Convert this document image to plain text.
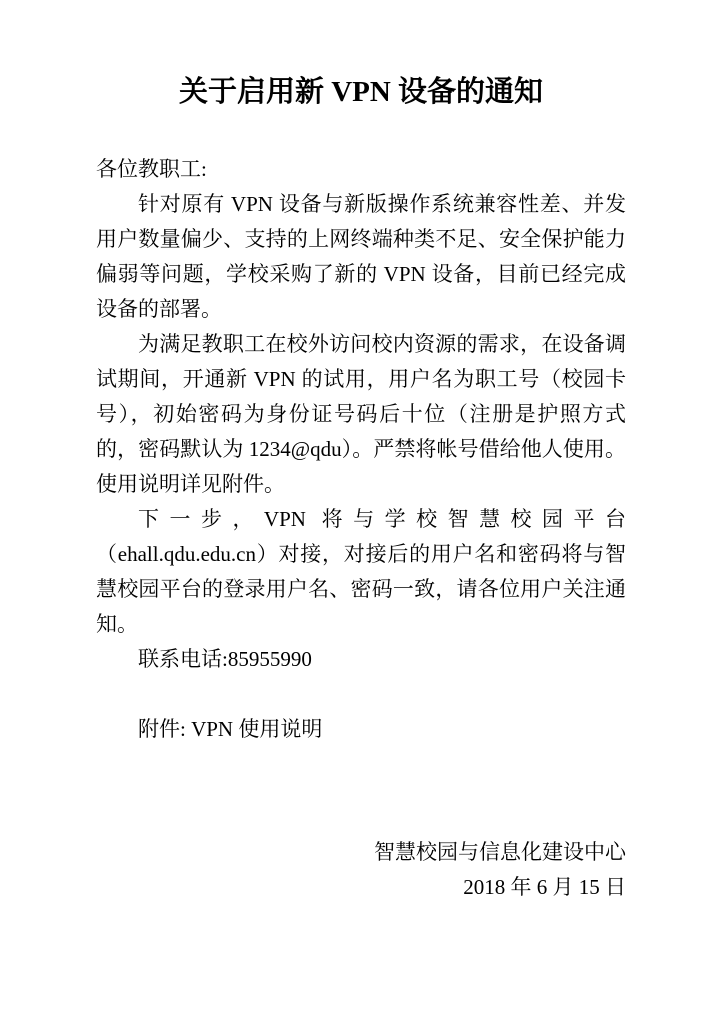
关于启用新 VPN 设备的通知

各位教职工:

针对原有 VPN 设备与新版操作系统兼容性差、并发用户数量偏少、支持的上网终端种类不足、安全保护能力偏弱等问题，学校采购了新的 VPN 设备，目前已经完成设备的部署。

为满足教职工在校外访问校内资源的需求，在设备调试期间，开通新 VPN 的试用，用户名为职工号（校园卡号），初始密码为身份证号码后十位（注册是护照方式的，密码默认为 1234@qdu）。严禁将帐号借给他人使用。使用说明详见附件。

下一步，VPN 将与学校智慧校园平台（ehall.qdu.edu.cn）对接，对接后的用户名和密码将与智慧校园平台的登录用户名、密码一致，请各位用户关注通知。

联系电话:85955990

附件: VPN 使用说明

智慧校园与信息化建设中心

2018 年 6 月 15 日
